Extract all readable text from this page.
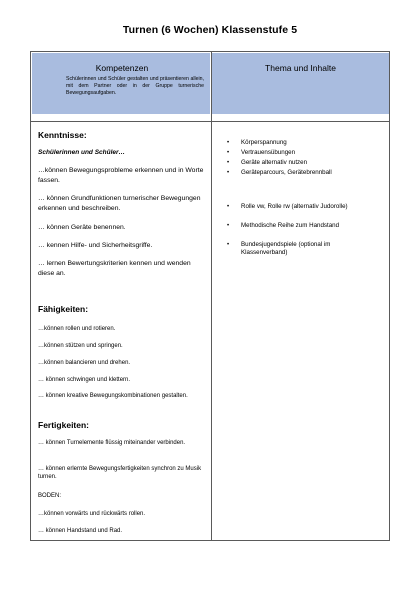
Turnen (6 Wochen) Klassenstufe 5
Kompetenzen
Schülerinnen und Schüler gestalten und präsentieren allein, mit dem Partner oder in der Gruppe turnerische Bewegungsaufgaben.
Thema und Inhalte
Kenntnisse:
Schülerinnen und Schüler…
…können Bewegungsprobleme erkennen und in Worte fassen.
… können Grundfunktionen turnerischer Bewegungen erkennen und beschreiben.
… können Geräte benennen.
… kennen Hilfe- und Sicherheitsgriffe.
… lernen Bewertungskriterien kennen und wenden diese an.
Fähigkeiten:
…können rollen und rotieren.
…können stützen und springen.
…können balancieren und drehen.
… können schwingen und klettern.
… können kreative Bewegungskombinationen gestalten.
Fertigkeiten:
… können Turnelemente flüssig miteinander verbinden.
… können erlernte Bewegungsfertigkeiten synchron zu Musik turnen.
BODEN:
…können vorwärts und rückwärts rollen.
… können Handstand und Rad.
• Körperspannung
• Vertrauensübungen
• Geräte alternativ nutzen
• Geräteparcours, Gerätebrennball
• Rolle vw, Rolle rw (alternativ Judorolle)
• Methodische Reihe zum Handstand
• Bundesjugendspiele (optional im Klassenverband)
